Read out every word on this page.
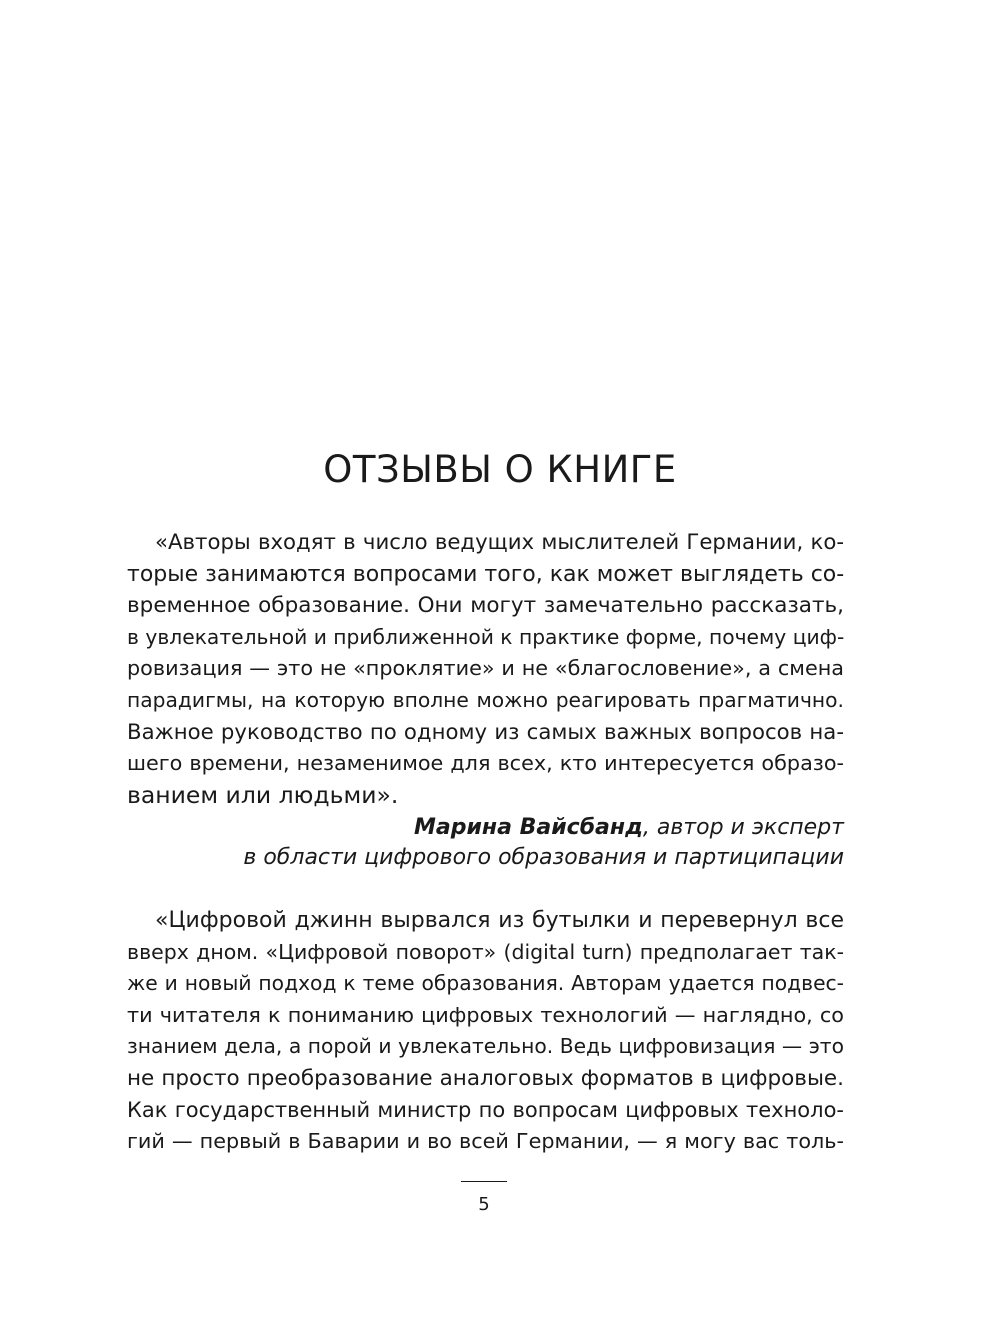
ОТЗЫВЫ О КНИГЕ
«Авторы входят в число ведущих мыслителей Германии, ко-
торые занимаются вопросами того, как может выглядеть со-
временное образование. Они могут замечательно рассказать,
в увлекательной и приближенной к практике форме, почему циф-
ровизация — это не «проклятие» и не «благословение», а смена
парадигмы, на которую вполне можно реагировать прагматично.
Важное руководство по одному из самых важных вопросов на-
шего времени, незаменимое для всех, кто интересуется образо-
ванием или людьми».
Марина Вайсбанд, автор и эксперт
в области цифрового образования и партиципации
«Цифровой джинн вырвался из бутылки и перевернул все
вверх дном. «Цифровой поворот» (digital turn) предполагает так-
же и новый подход к теме образования. Авторам удается подвес-
ти читателя к пониманию цифровых технологий — наглядно, со
знанием дела, а порой и увлекательно. Ведь цифровизация — это
не просто преобразование аналоговых форматов в цифровые.
Как государственный министр по вопросам цифровых техноло-
гий — первый в Баварии и во всей Германии, — я могу вас толь-
5
